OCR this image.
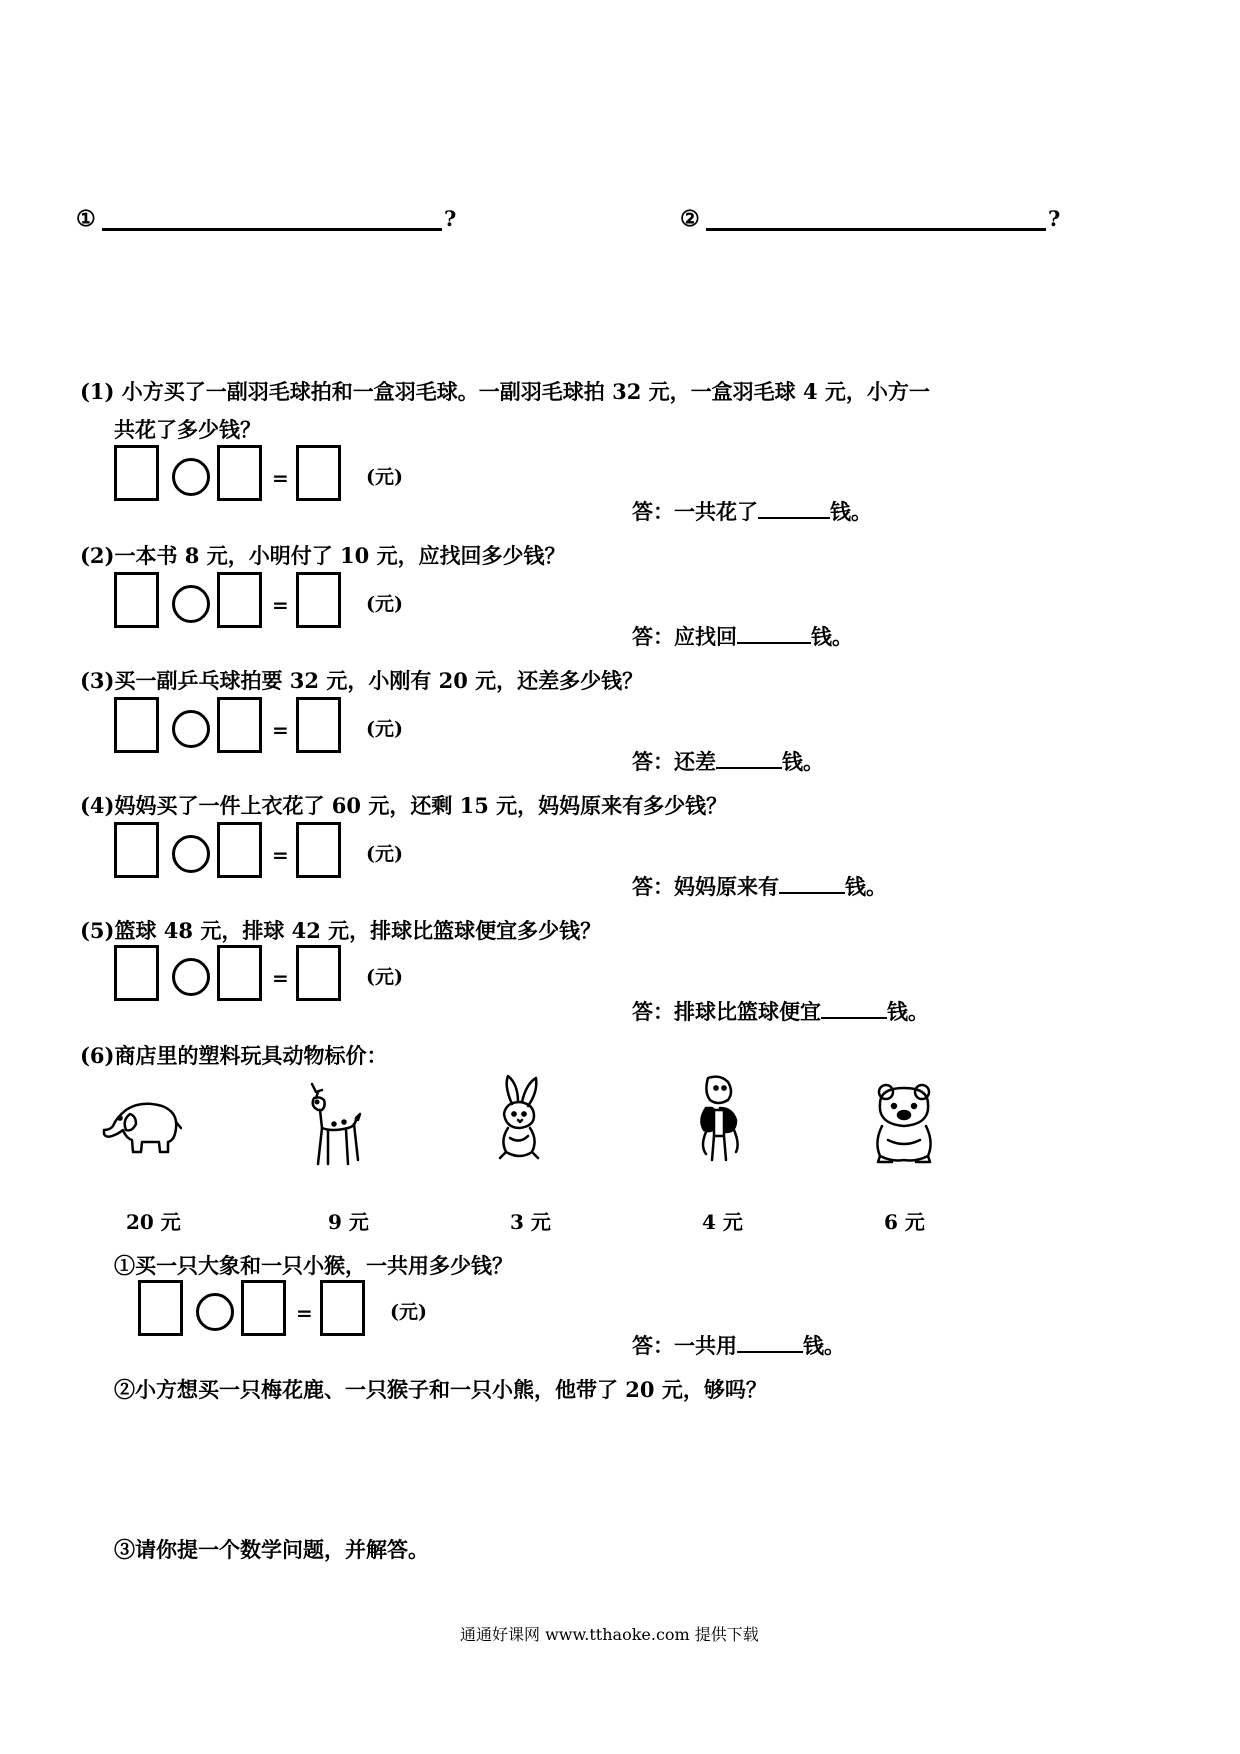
①	?	②	?
(1) 小方买了一副羽毛球拍和一盒羽毛球。一副羽毛球拍 32 元，一盒羽毛球 4 元，小方一
共花了多少钱？
=	(元)
答：一共花了	钱。
(2)一本书 8 元，小明付了 10 元，应找回多少钱？
=	(元)
答：应找回	钱。
(3)买一副乒乓球拍要 32 元，小刚有 20 元，还差多少钱？
=	(元)
答：还差	钱。
(4)妈妈买了一件上衣花了 60 元，还剩 15 元，妈妈原来有多少钱？
=	(元)
答：妈妈原来有	钱。
(5)篮球 48 元，排球 42 元，排球比篮球便宜多少钱？
=	(元)
答：排球比篮球便宜	钱。
(6)商店里的塑料玩具动物标价：
20 元	9 元	3 元	4 元	6 元
①买一只大象和一只小猴，一共用多少钱？
=	(元)
答：一共用	钱。
②小方想买一只梅花鹿、一只猴子和一只小熊，他带了 20 元，够吗？
③请你提一个数学问题，并解答。
通通好课网 www.tthaoke.com 提供下载
